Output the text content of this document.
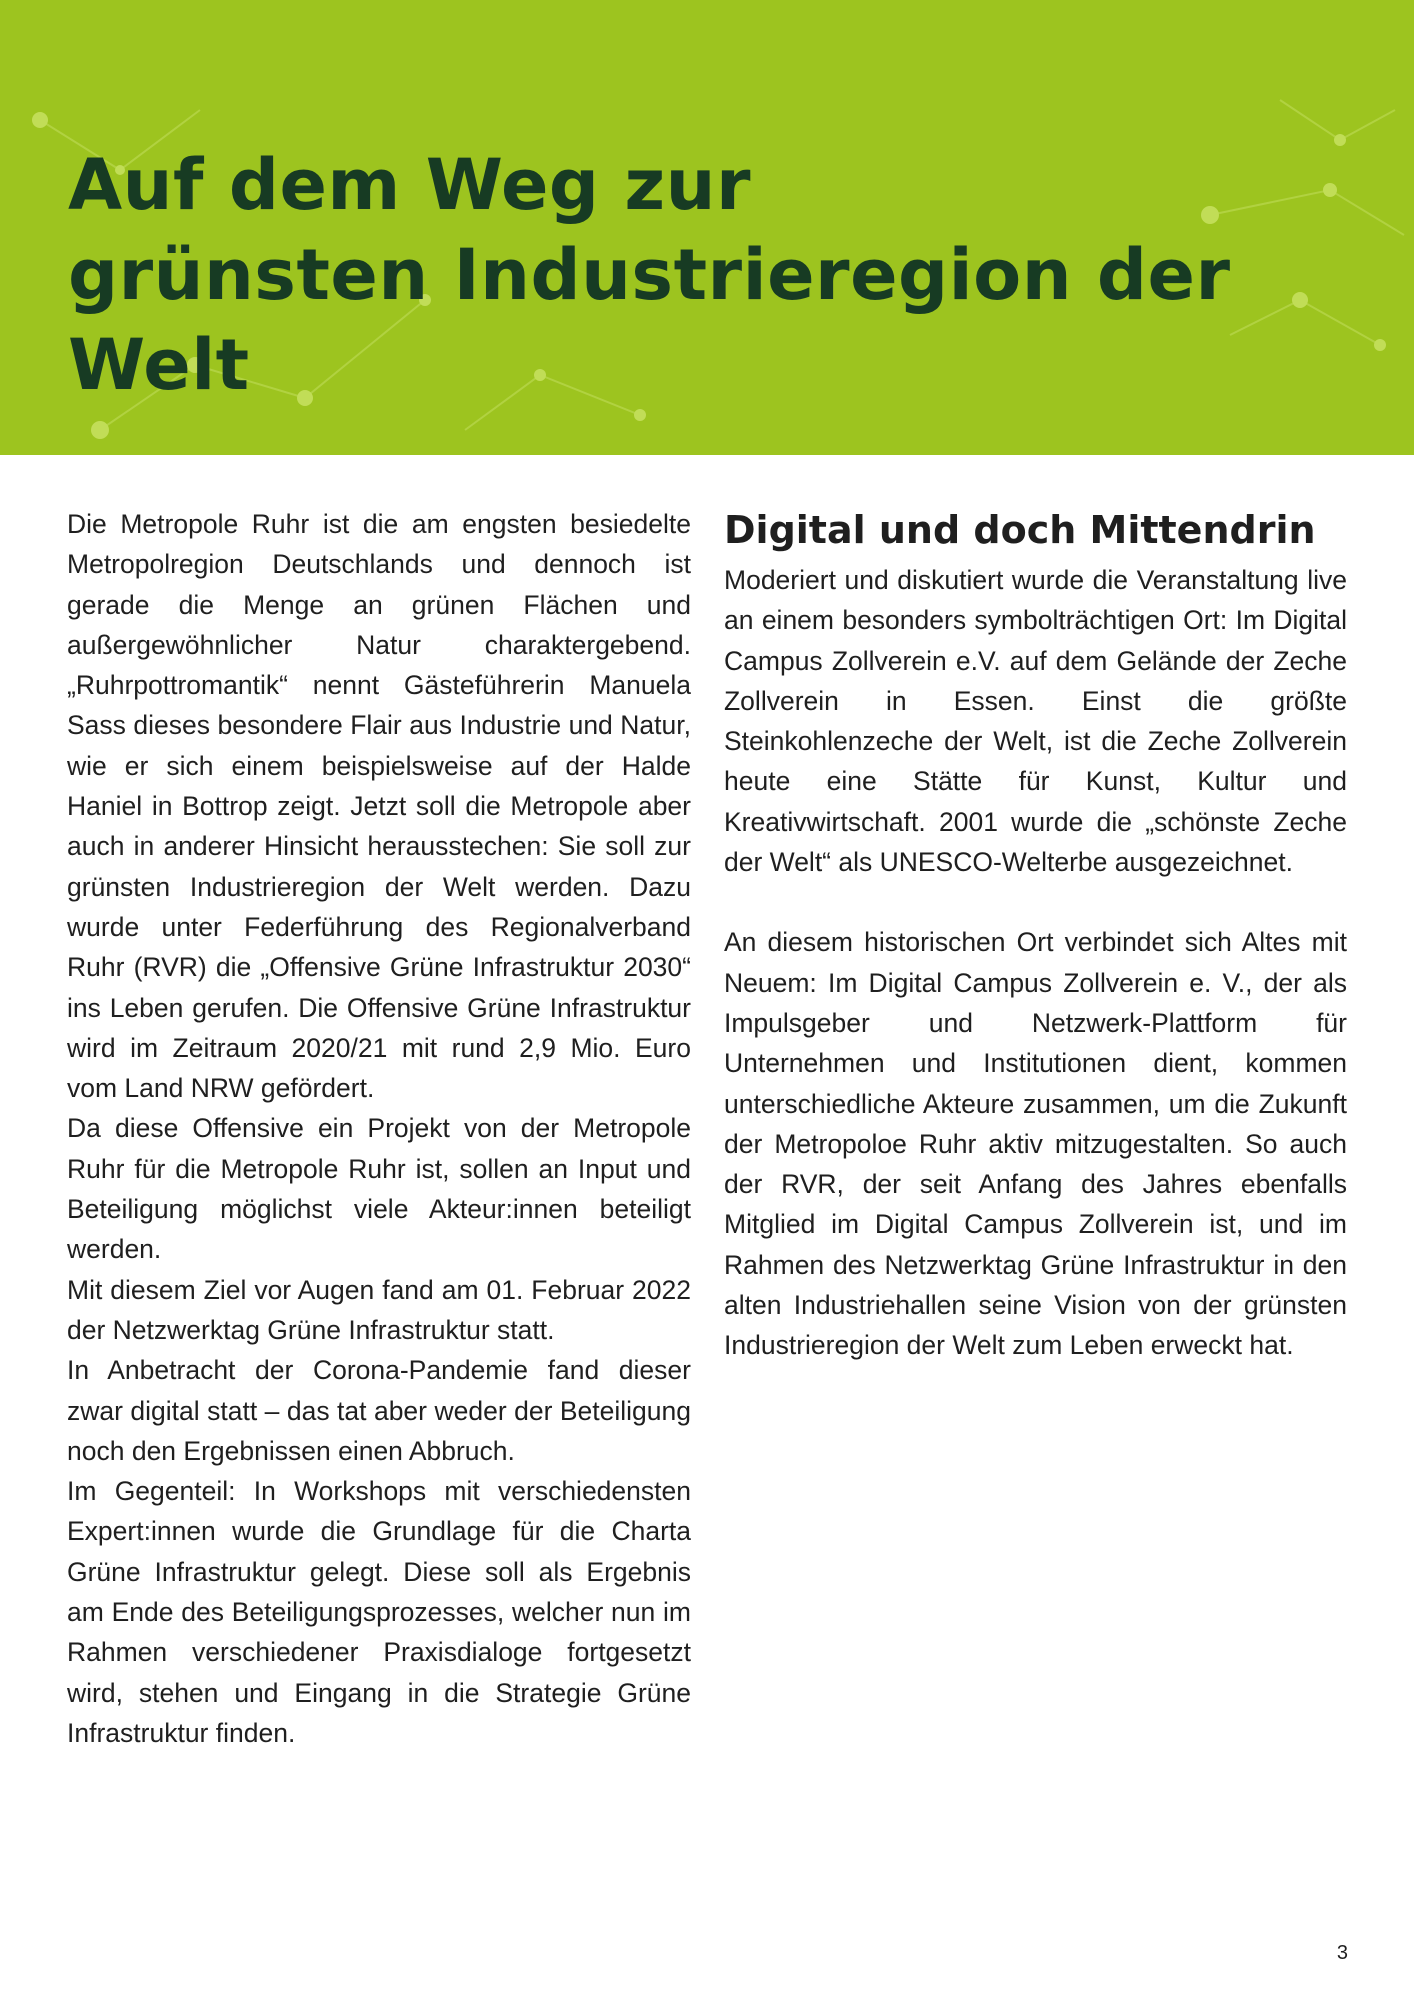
Auf dem Weg zur
grünsten Industrieregion der Welt

Die Metropole Ruhr ist die am engsten besiedelte Metropolregion Deutschlands und dennoch ist gerade die Menge an grünen Flächen und außergewöhnlicher Natur charaktergebend. „Ruhrpottromantik“ nennt Gästeführerin Manuela Sass dieses besondere Flair aus Industrie und Natur, wie er sich einem beispielsweise auf der Halde Haniel in Bottrop zeigt. Jetzt soll die Metropole aber auch in anderer Hinsicht herausstechen: Sie soll zur grünsten Industrieregion der Welt werden. Dazu wurde unter Federführung des Regionalverband Ruhr (RVR) die „Offensive Grüne Infrastruktur 2030“ ins Leben gerufen. Die Offensive Grüne Infrastruktur wird im Zeitraum 2020/21 mit rund 2,9 Mio. Euro vom Land NRW gefördert.

Da diese Offensive ein Projekt von der Metropole Ruhr für die Metropole Ruhr ist, sollen an Input und Beteiligung möglichst viele Akteur:innen beteiligt werden.

Mit diesem Ziel vor Augen fand am 01. Februar 2022 der Netzwerktag Grüne Infrastruktur statt.

In Anbetracht der Corona-Pandemie fand dieser zwar digital statt – das tat aber weder der Beteiligung noch den Ergebnissen einen Abbruch.

Im Gegenteil: In Workshops mit verschiedensten Expert:innen wurde die Grundlage für die Charta Grüne Infrastruktur gelegt. Diese soll als Ergebnis am Ende des Beteiligungsprozesses, welcher nun im Rahmen verschiedener Praxisdialoge fortgesetzt wird, stehen und Eingang in die Strategie Grüne Infrastruktur finden.

Digital und doch Mittendrin

Moderiert und diskutiert wurde die Veranstaltung live an einem besonders symbolträchtigen Ort: Im Digital Campus Zollverein e.V. auf dem Gelände der Zeche Zollverein in Essen. Einst die größte Steinkohlenzeche der Welt, ist die Zeche Zollverein heute eine Stätte für Kunst, Kultur und Kreativwirtschaft. 2001 wurde die „schönste Zeche der Welt“ als UNESCO-Welterbe ausgezeichnet.

An diesem historischen Ort verbindet sich Altes mit Neuem: Im Digital Campus Zollverein e. V., der als Impulsgeber und Netzwerk-Plattform für Unternehmen und Institutionen dient, kommen unterschiedliche Akteure zusammen, um die Zukunft der Metropoloe Ruhr aktiv mitzugestalten. So auch der RVR, der seit Anfang des Jahres ebenfalls Mitglied im Digital Campus Zollverein ist, und im Rahmen des Netzwerktag Grüne Infrastruktur in den alten Industriehallen seine Vision von der grünsten Industrieregion der Welt zum Leben erweckt hat.

3
